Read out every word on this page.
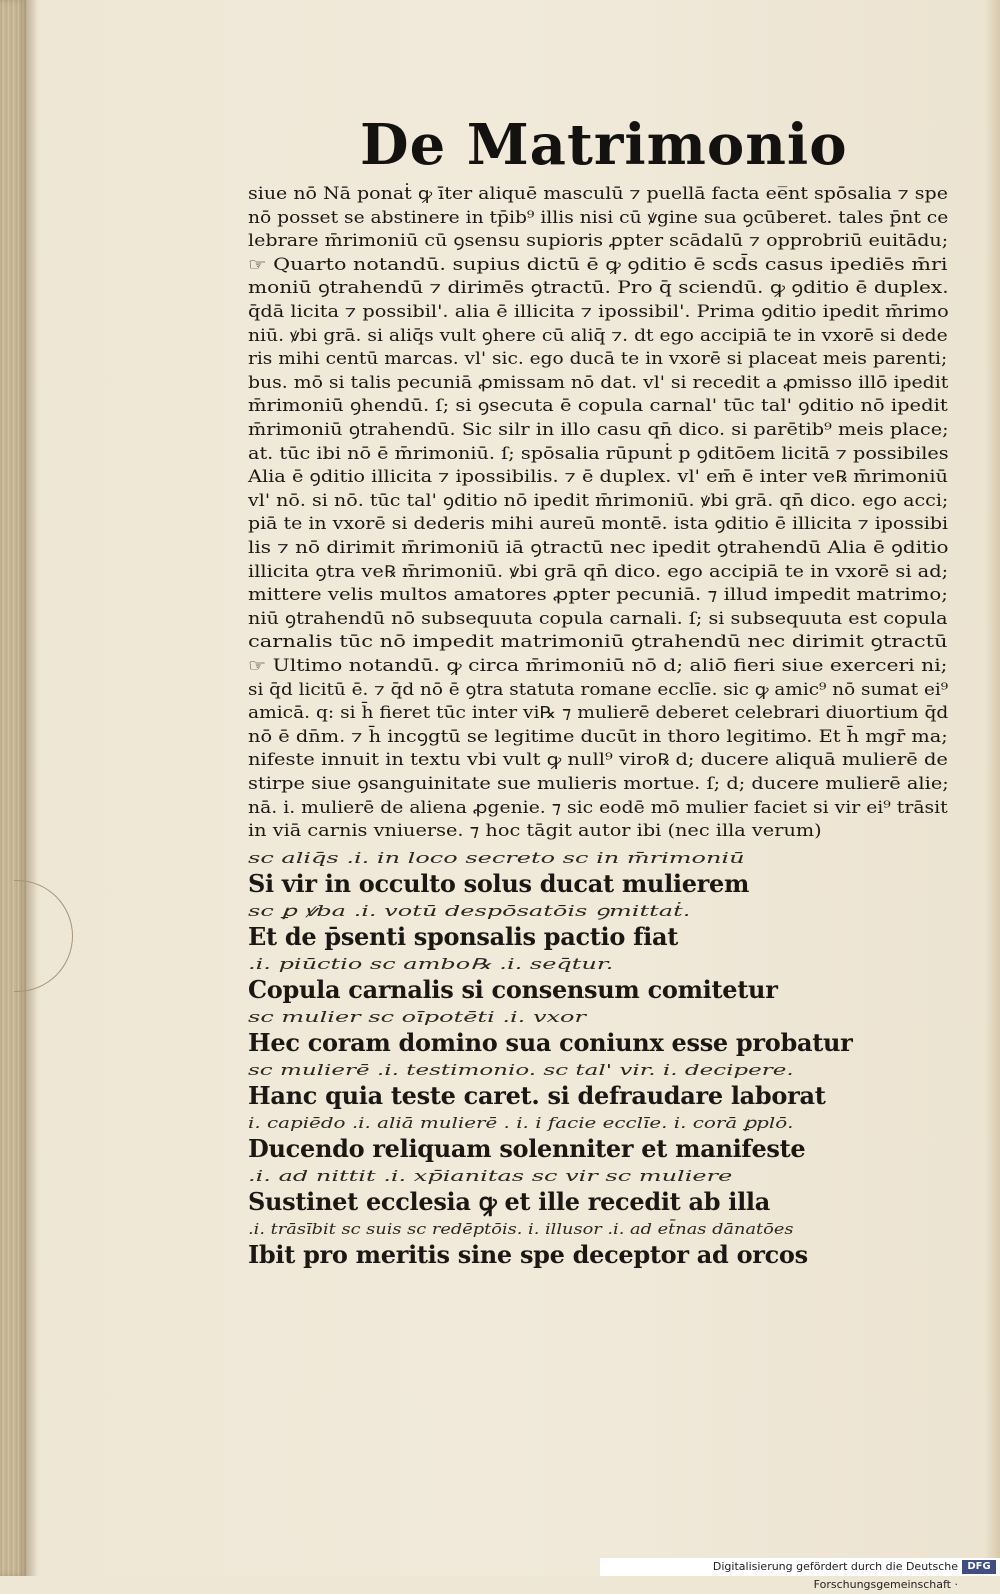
De Matrimonio
siue nō Nā ponaṫ ꝙ īter aliquē masculū ⁊ puellā facta ee̅nt spōsalia ⁊ spe
nō posset se abstinere in tp̄ib⁹ illis nisi cū ꝟgine sua ꝯcūberet. tales p̄nt ce
lebrare m̄rimoniū cū ꝯsensu supioris ꝓpter scādalū ⁊ opprobriū euitādu;
☞ Quarto notandū. supius dictū ē ꝙ ꝯditio ē scd̄s casus ipediēs m̄ri
moniū ꝯtrahendū ⁊ dirimēs ꝯtractū. Pro q̄ sciendū. ꝙ ꝯditio ē duplex.
q̄dā licita ⁊ possibil'. alia ē illicita ⁊ ipossibil'. Prima ꝯditio ipedit m̄rimo
niū. ꝟbi grā. si aliq̄s vult ꝯhere cū aliq̄ ⁊. dt ego accipiā te in vxorē si dede
ris mihi centū marcas. vl' sic. ego ducā te in vxorē si placeat meis parenti;
bus. mō si talis pecuniā ꝓmissam nō dat. vl' si recedit a ꝓmisso illō ipedit
m̄rimoniū ꝯhendū. ſ; si ꝯsecuta ē copula carnal' tūc tal' ꝯditio nō ipedit
m̄rimoniū ꝯtrahendū. Sic silr in illo casu qn̄ dico. si parētib⁹ meis place;
at. tūc ibi nō ē m̄rimoniū. ſ; spōsalia rūpunṫ p ꝯditōem licitā ⁊ possibiles
Alia ē ꝯditio illicita ⁊ ipossibilis. ⁊ ē duplex. vl' em̄ ē inter ve℞ m̄rimoniū
vl' nō. si nō. tūc tal' ꝯditio nō ipedit m̄rimoniū. ꝟbi grā. qn̄ dico. ego acci;
piā te in vxorē si dederis mihi aureū montē. ista ꝯditio ē illicita ⁊ ipossibi
lis ⁊ nō dirimit m̄rimoniū iā ꝯtractū nec ipedit ꝯtrahendū Alia ē ꝯditio
illicita ꝯtra ve℞ m̄rimoniū. ꝟbi grā qn̄ dico. ego accipiā te in vxorē si ad;
mittere velis multos amatores ꝓpter pecuniā. ⁊ illud impedit matrimo;
niū ꝯtrahendū nō subsequuta copula carnali. ſ; si subsequuta est copula
carnalis tūc nō impedit matrimoniū ꝯtrahendū nec dirimit ꝯtractū
☞ Ultimo notandū. ꝙ circa m̄rimoniū nō d; aliō fieri siue exerceri ni;
si q̄d licitū ē. ⁊ q̄d nō ē ꝯtra statuta romane ecclīe. sic ꝙ amic⁹ nō sumat ei⁹
amicā. q: si h̄ fieret tūc inter vi℞ ⁊ mulierē deberet celebrari diuortium q̄d
nō ē dn̄m. ⁊ h̄ incꝯgtū se legitime ducūt in thoro legitimo. Et h̄ mgr̄ ma;
nifeste innuit in textu vbi vult ꝙ null⁹ viro℞ d; ducere aliquā mulierē de
stirpe siue ꝯsanguinitate sue mulieris mortue. ſ; d; ducere mulierē alie;
nā. i. mulierē de aliena ꝓgenie. ⁊ sic eodē mō mulier faciet si vir ei⁹ trāsit
in viā carnis vniuerse. ⁊ hoc tāgit autor ibi (nec illa verum)
sc aliq̄s .i. in loco secreto sc in m̄rimoniū
Si vir in occulto solus ducat mulierem
sc ꝑ ꝟba .i. votū despōsatōis ꝯmittaṫ.
Et de p̄senti sponsalis pactio fiat
.i. piūctio sc ambo℞ .i. seq̄tur.
Copula carnalis si consensum comitetur
sc mulier sc oīpotēti .i. vxor
Hec coram domino sua coniunx esse probatur
sc mulierē .i. testimonio. sc tal' vir. i. decipere.
Hanc quia teste caret. si defraudare laborat
i. capiēdo .i. aliā mulierē . i. i facie ecclīe. i. corā ꝑplō.
Ducendo reliquam solenniter et manifeste
.i. ad nittit .i. xp̄ianitas sc vir sc muliere
Sustinet ecclesia ꝙ et ille recedit ab illa
.i. trāsībit sc suis sc redēptōis. i. illusor .i. ad et̄nas dānatōes
Ibit pro meritis sine spe deceptor ad orcos
Digitalisierung gefördert durch die Deutsche Forschungsgemeinschaft ·
DFG
